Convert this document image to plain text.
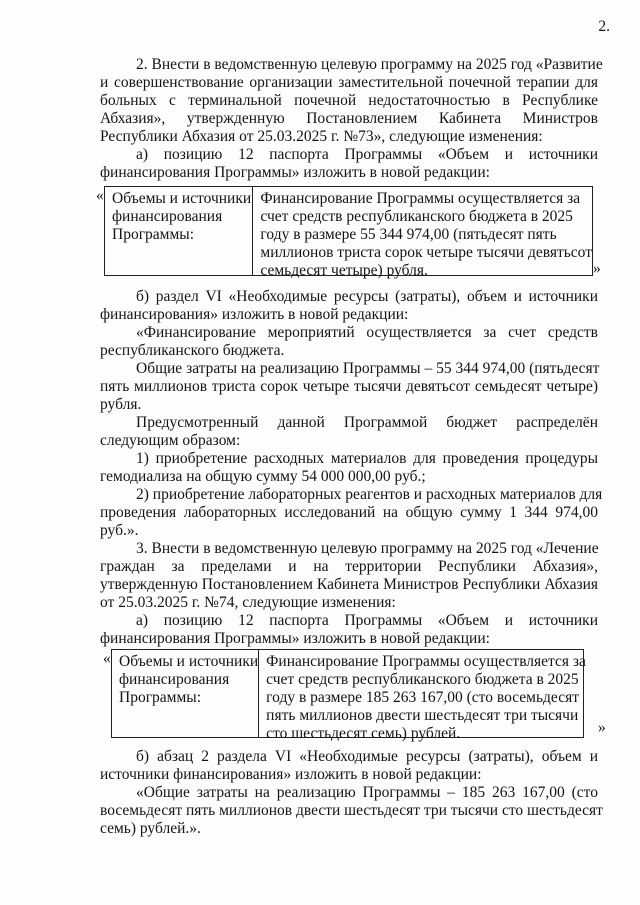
2.
2. Внести в ведомственную целевую программу на 2025 год «Развитие
и совершенствование организации заместительной почечной терапии для
больных с терминальной почечной недостаточностью в Республике
Абхазия», утвержденную Постановлением Кабинета Министров
Республики Абхазия от 25.03.2025 г. №73», следующие изменения:
а) позицию 12 паспорта Программы «Объем и источники
финансирования Программы» изложить в новой редакции:
« Объемы и источники
финансирования
Программы:
Финансирование Программы осуществляется за
счет средств республиканского бюджета в 2025
году в размере 55 344 974,00 (пятьдесят пять
миллионов триста сорок четыре тысячи девятьсот
семьдесят четыре) рубля.	»
б) раздел VI «Необходимые ресурсы (затраты), объем и источники
финансирования» изложить в новой редакции:
«Финансирование мероприятий осуществляется за счет средств
республиканского бюджета.
Общие затраты на реализацию Программы – 55 344 974,00 (пятьдесят
пять миллионов триста сорок четыре тысячи девятьсот семьдесят четыре)
рубля.
Предусмотренный данной Программой бюджет распределён
следующим образом:
1) приобретение расходных материалов для проведения процедуры
гемодиализа на общую сумму 54 000 000,00 руб.;
2) приобретение лабораторных реагентов и расходных материалов для
проведения лабораторных исследований на общую сумму 1 344 974,00
руб.».
3. Внести в ведомственную целевую программу на 2025 год «Лечение
граждан за пределами и на территории Республики Абхазия»,
утвержденную Постановлением Кабинета Министров Республики Абхазия
от 25.03.2025 г. №74, следующие изменения:
а) позицию 12 паспорта Программы «Объем и источники
финансирования Программы» изложить в новой редакции:
« Объемы и источники
финансирования
Программы:
Финансирование Программы осуществляется за
счет средств республиканского бюджета в 2025
году в размере 185 263 167,00 (сто восемьдесят
пять миллионов двести шестьдесят три тысячи
сто шестьдесят семь) рублей.	»
б) абзац 2 раздела VI «Необходимые ресурсы (затраты), объем и
источники финансирования» изложить в новой редакции:
«Общие затраты на реализацию Программы – 185 263 167,00 (сто
восемьдесят пять миллионов двести шестьдесят три тысячи сто шестьдесят
семь) рублей.».
